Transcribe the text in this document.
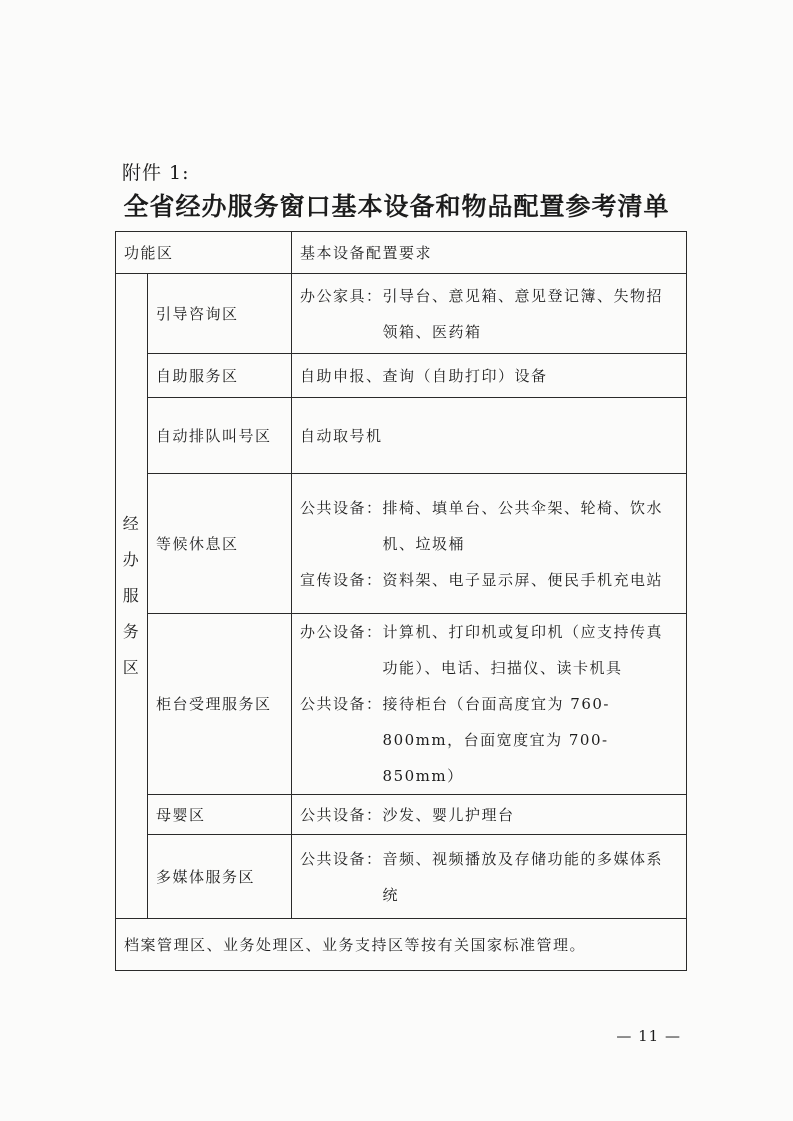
附件 1:
全省经办服务窗口基本设备和物品配置参考清单
功能区		基本设备配置要求

经
办
服
务
区	引导咨询区	办公家具： 引导台、意见箱、意见登记簿、失物招领箱、医药箱

	自助服务区	自助申报、查询（自助打印）设备

	自动排队叫号区	自动取号机

	等候休息区	公共设备： 排椅、填单台、公共伞架、轮椅、饮水机、垃圾桶
宣传设备： 资料架、电子显示屏、便民手机充电站

	柜台受理服务区	办公设备： 计算机、打印机或复印机（应支持传真功能）、电话、扫描仪、读卡机具
公共设备： 接待柜台（台面高度宜为 760-800mm，台面宽度宜为 700-850mm）

	母婴区	公共设备： 沙发、婴儿护理台

	多媒体服务区	公共设备： 音频、视频播放及存储功能的多媒体系统

档案管理区、业务处理区、业务支持区等按有关国家标准管理。		
— 11 —
